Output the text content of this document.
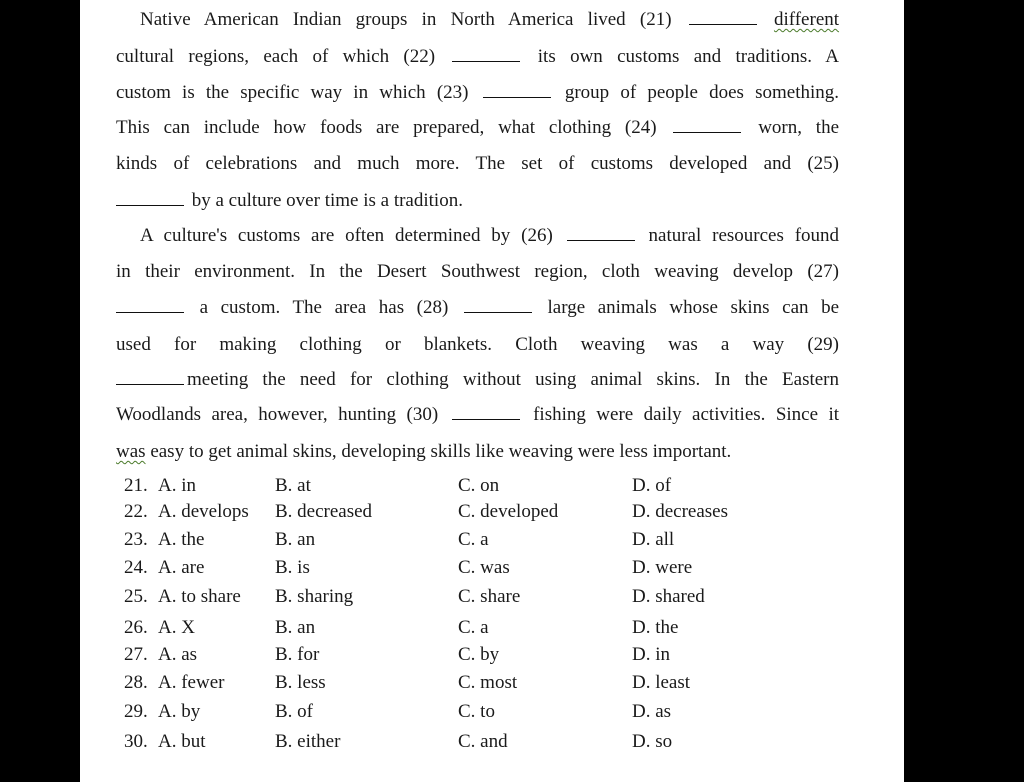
Native American Indian groups in North America lived (21)	different
cultural regions, each of which (22)	its own customs and traditions. A
custom is the specific way in which (23)	group of people does something.
This can include how foods are prepared, what clothing (24)	worn, the
kinds of celebrations and much more. The set of customs developed and (25)
by a culture over time is a tradition.
A culture's customs are often determined by (26)	natural resources found
in their environment. In the Desert Southwest region, cloth weaving develop (27)
a custom. The area has (28)	large animals whose skins can be
used for making clothing or blankets. Cloth weaving was a way (29)
meeting the need for clothing without using animal skins. In the Eastern
Woodlands area, however, hunting (30)	fishing were daily activities. Since it
was easy to get animal skins, developing skills like weaving were less important.
21. A. in	B. at	C. on	D. of
22. A. develops B. decreased	C. developed	D. decreases
23. A. the	B. an	C. a	D. all
24. A. are	B. is	C. was	D. were
25. A. to share B. sharing	C. share	D. shared
26. A. X	B. an	C. a	D. the
27. A. as	B. for	C. by	D. in
28. A. fewer	B. less	C. most	D. least
29. A. by	B. of	C. to	D. as
30. A. but	B. either	C. and	D. so
